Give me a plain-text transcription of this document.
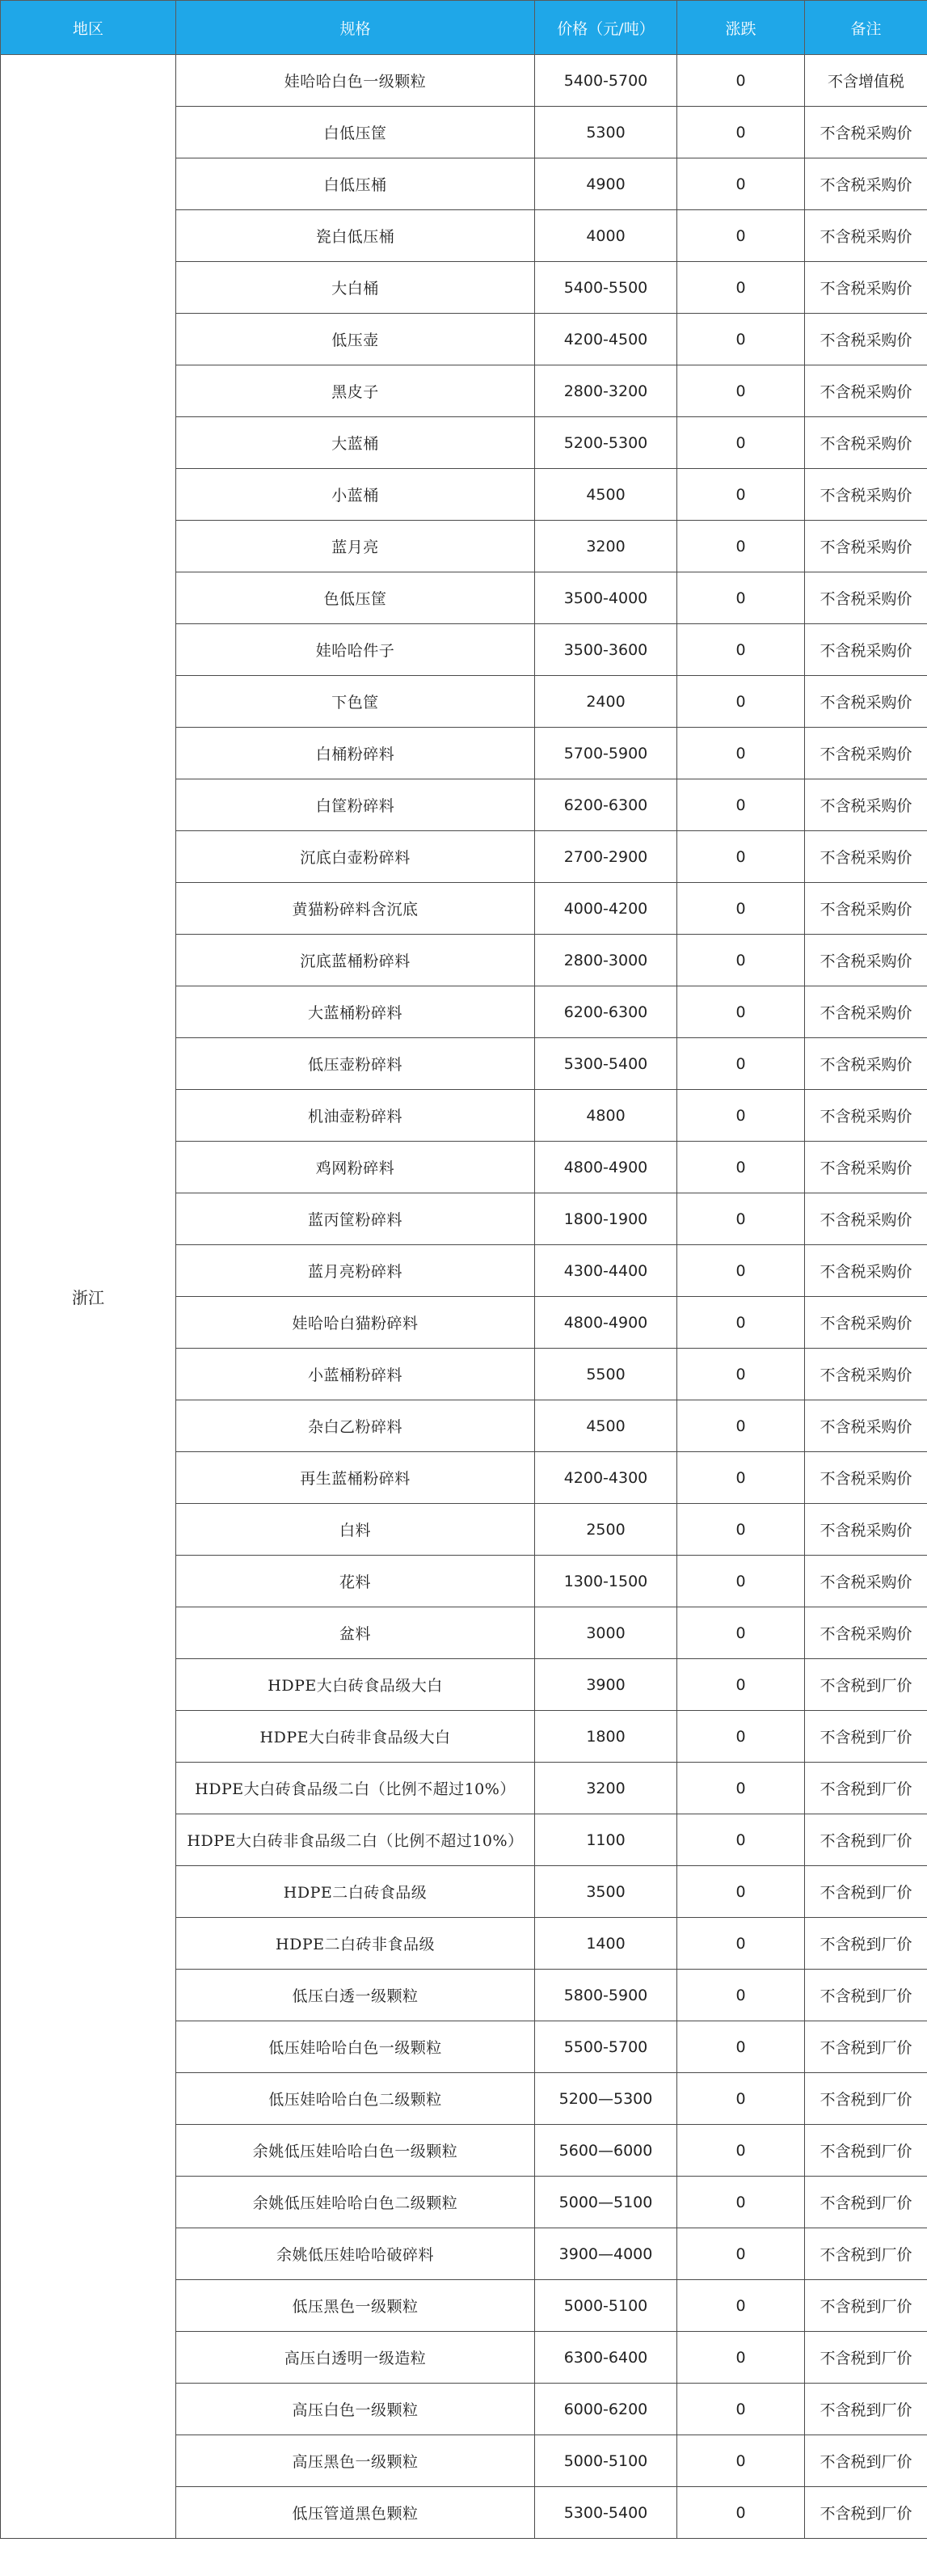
地区	规格	价格（元/吨）	涨跌	备注
浙江	娃哈哈白色一级颗粒	5400-5700	0	不含增值税
	白低压筐	5300	0	不含税采购价
	白低压桶	4900	0	不含税采购价
	瓷白低压桶	4000	0	不含税采购价
	大白桶	5400-5500	0	不含税采购价
	低压壶	4200-4500	0	不含税采购价
	黑皮子	2800-3200	0	不含税采购价
	大蓝桶	5200-5300	0	不含税采购价
	小蓝桶	4500	0	不含税采购价
	蓝月亮	3200	0	不含税采购价
	色低压筐	3500-4000	0	不含税采购价
	娃哈哈件子	3500-3600	0	不含税采购价
	下色筐	2400	0	不含税采购价
	白桶粉碎料	5700-5900	0	不含税采购价
	白筐粉碎料	6200-6300	0	不含税采购价
	沉底白壶粉碎料	2700-2900	0	不含税采购价
	黄猫粉碎料含沉底	4000-4200	0	不含税采购价
	沉底蓝桶粉碎料	2800-3000	0	不含税采购价
	大蓝桶粉碎料	6200-6300	0	不含税采购价
	低压壶粉碎料	5300-5400	0	不含税采购价
	机油壶粉碎料	4800	0	不含税采购价
	鸡网粉碎料	4800-4900	0	不含税采购价
	蓝丙筐粉碎料	1800-1900	0	不含税采购价
	蓝月亮粉碎料	4300-4400	0	不含税采购价
	娃哈哈白猫粉碎料	4800-4900	0	不含税采购价
	小蓝桶粉碎料	5500	0	不含税采购价
	杂白乙粉碎料	4500	0	不含税采购价
	再生蓝桶粉碎料	4200-4300	0	不含税采购价
	白料	2500	0	不含税采购价
	花料	1300-1500	0	不含税采购价
	盆料	3000	0	不含税采购价
	HDPE大白砖食品级大白	3900	0	不含税到厂价
	HDPE大白砖非食品级大白	1800	0	不含税到厂价
	HDPE大白砖食品级二白（比例不超过10%）	3200	0	不含税到厂价
	HDPE大白砖非食品级二白（比例不超过10%）	1100	0	不含税到厂价
	HDPE二白砖食品级	3500	0	不含税到厂价
	HDPE二白砖非食品级	1400	0	不含税到厂价
	低压白透一级颗粒	5800-5900	0	不含税到厂价
	低压娃哈哈白色一级颗粒	5500-5700	0	不含税到厂价
	低压娃哈哈白色二级颗粒	5200—5300	0	不含税到厂价
	余姚低压娃哈哈白色一级颗粒	5600—6000	0	不含税到厂价
	余姚低压娃哈哈白色二级颗粒	5000—5100	0	不含税到厂价
	余姚低压娃哈哈破碎料	3900—4000	0	不含税到厂价
	低压黑色一级颗粒	5000-5100	0	不含税到厂价
	高压白透明一级造粒	6300-6400	0	不含税到厂价
	高压白色一级颗粒	6000-6200	0	不含税到厂价
	高压黑色一级颗粒	5000-5100	0	不含税到厂价
	低压管道黑色颗粒	5300-5400	0	不含税到厂价
